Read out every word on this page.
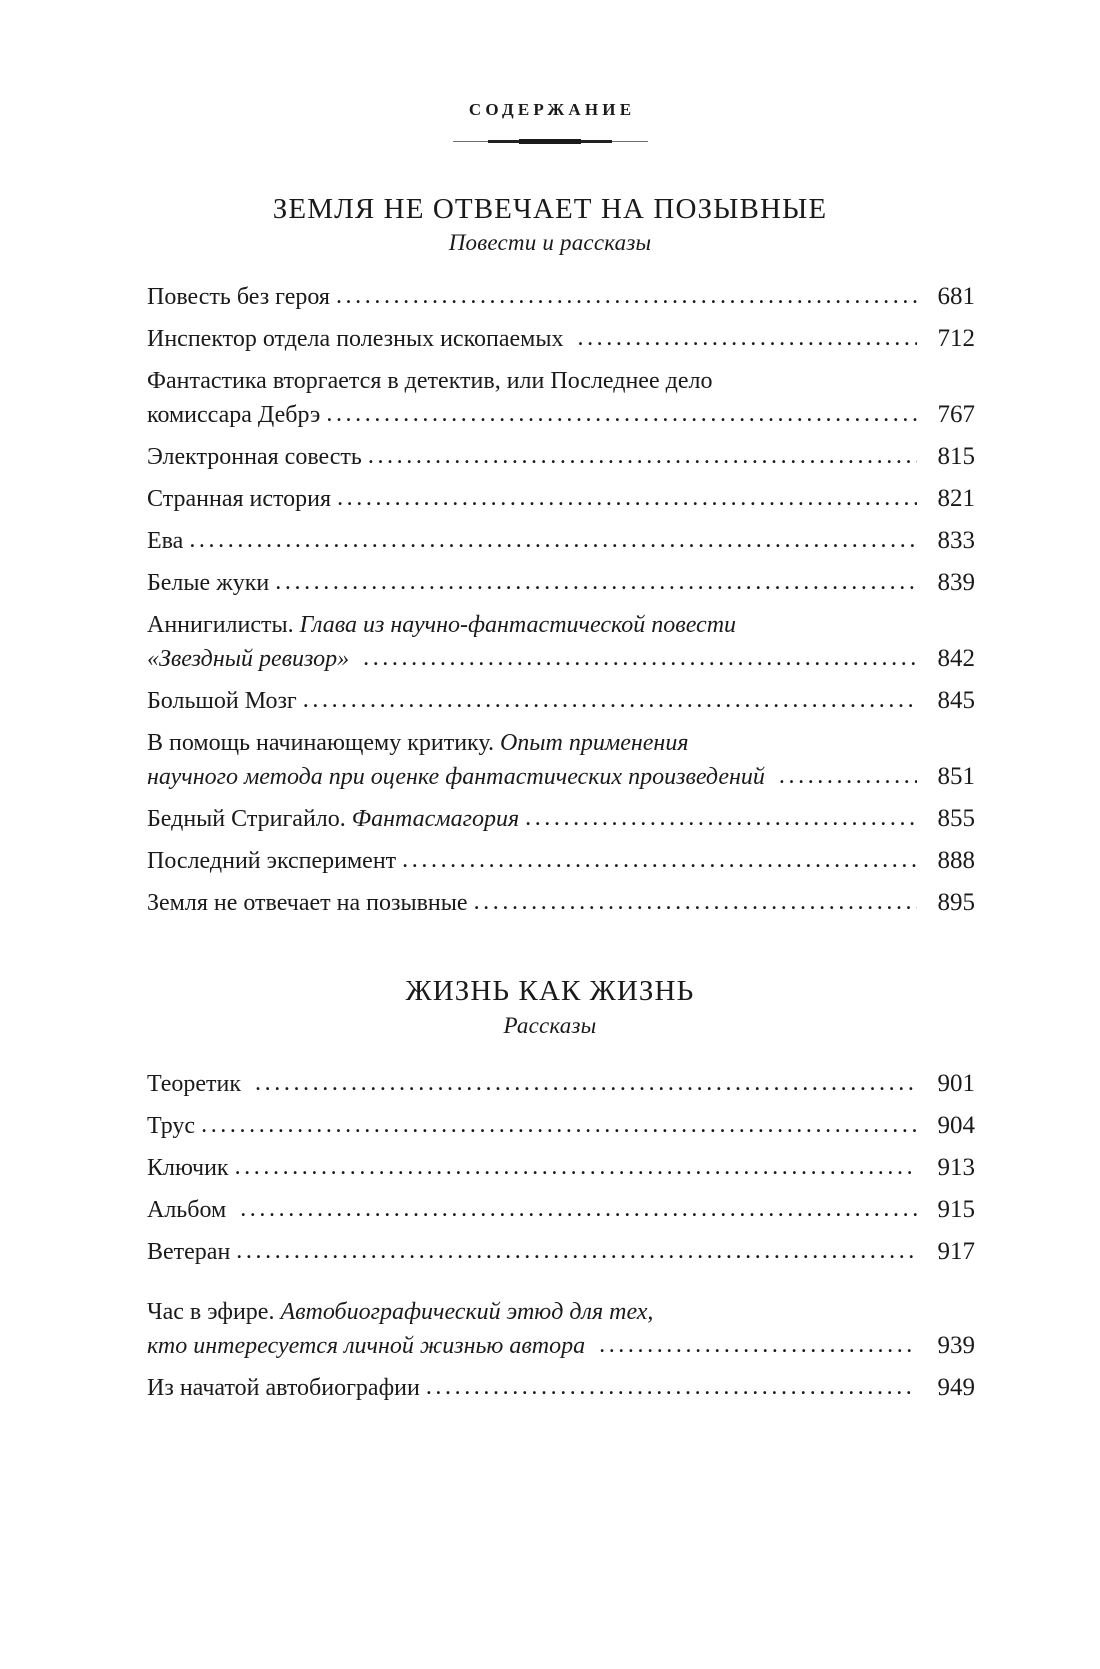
СОДЕРЖАНИЕ
ЗЕМЛЯ НЕ ОТВЕЧАЕТ НА ПОЗЫВНЫЕ
Повести и рассказы
Повесть без героя .....	681
Инспектор отдела полезных ископаемых .....	712
Фантастика вторгается в детектив, или Последнее дело
комиссара Дебрэ .....	767
Электронная совесть .....	815
Странная история .....	821
Ева .....	833
Белые жуки .....	839
Аннигилисты. Глава из научно-фантастической повести
«Звездный ревизор» .....	842
Большой Мозг .....	845
В помощь начинающему критику. Опыт применения
научного метода при оценке фантастических произведений .....	851
Бедный Стригайло. Фантасмагория .....	855
Последний эксперимент .....	888
Земля не отвечает на позывные .....	895
ЖИЗНЬ КАК ЖИЗНЬ
Рассказы
Теоретик .....	901
Трус .....	904
Ключик .....	913
Альбом .....	915
Ветеран .....	917
Час в эфире. Автобиографический этюд для тех,
кто интересуется личной жизнью автора .....	939
Из начатой автобиографии .....	949
